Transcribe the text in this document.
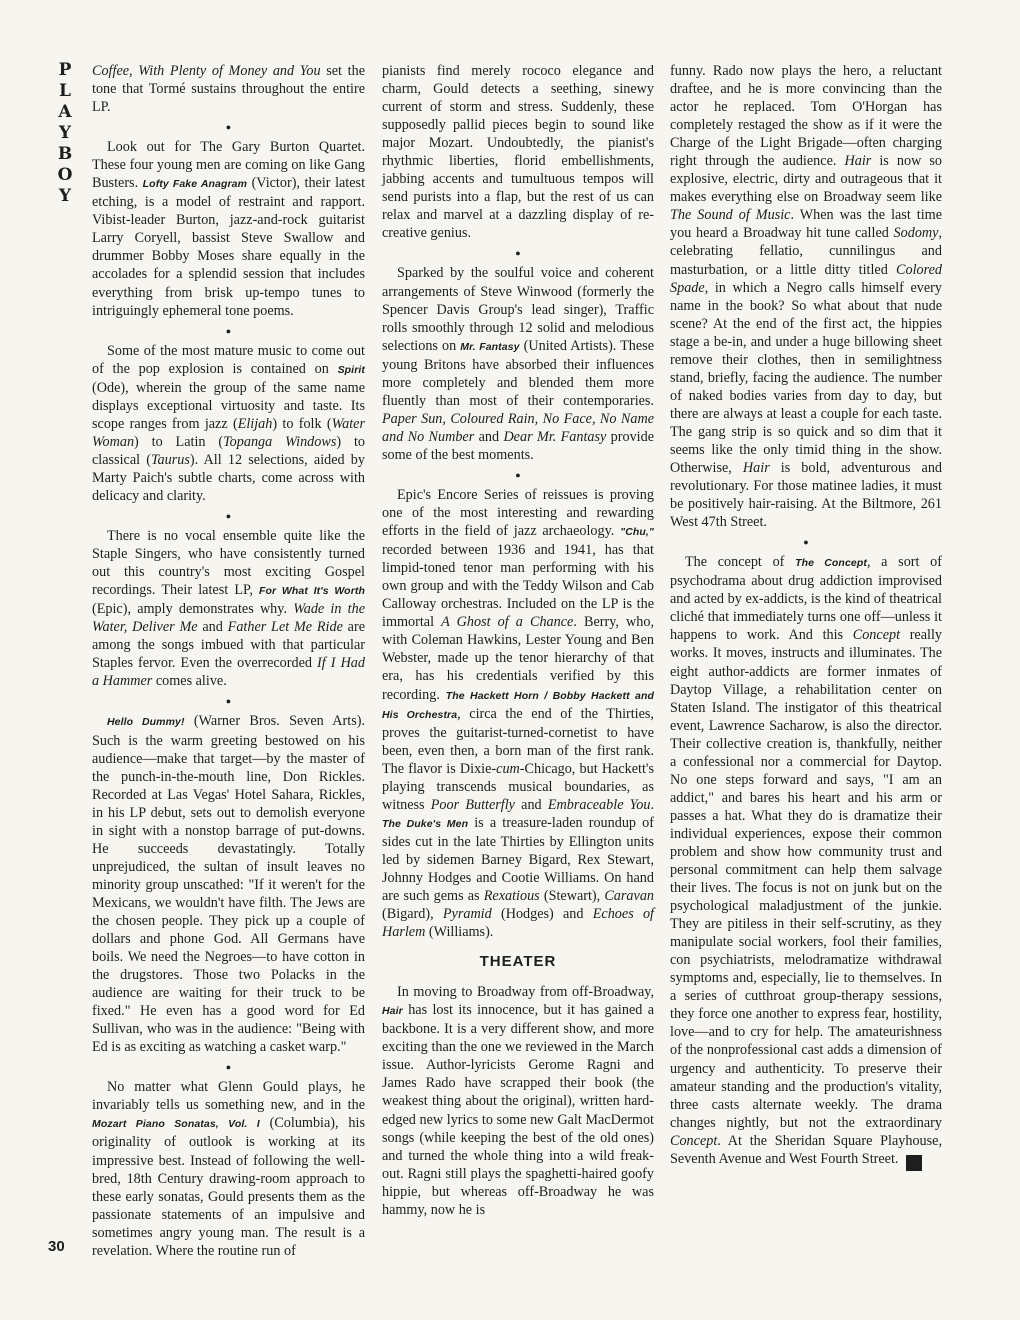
P
L
A
Y
B
O
Y
30

Coffee, With Plenty of Money and You set the tone that Tormé sustains throughout the entire LP.

●

Look out for The Gary Burton Quartet. These four young men are coming on like Gang Busters. Lofty Fake Anagram (Victor), their latest etching, is a model of restraint and rapport. Vibist-leader Burton, jazz-and-rock guitarist Larry Coryell, bassist Steve Swallow and drummer Bobby Moses share equally in the accolades for a splendid session that includes everything from brisk up-tempo tunes to intriguingly ephemeral tone poems.

●

Some of the most mature music to come out of the pop explosion is contained on Spirit (Ode), wherein the group of the same name displays exceptional virtuosity and taste. Its scope ranges from jazz (Elijah) to folk (Water Woman) to Latin (Topanga Windows) to classical (Taurus). All 12 selections, aided by Marty Paich's subtle charts, come across with delicacy and clarity.

●

There is no vocal ensemble quite like the Staple Singers, who have consistently turned out this country's most exciting Gospel recordings. Their latest LP, For What It's Worth (Epic), amply demonstrates why. Wade in the Water, Deliver Me and Father Let Me Ride are among the songs imbued with that particular Staples fervor. Even the overrecorded If I Had a Hammer comes alive.

●

Hello Dummy! (Warner Bros. Seven Arts). Such is the warm greeting bestowed on his audience—make that target—by the master of the punch-in-the-mouth line, Don Rickles. Recorded at Las Vegas' Hotel Sahara, Rickles, in his LP debut, sets out to demolish everyone in sight with a nonstop barrage of put-downs. He succeeds devastatingly. Totally unprejudiced, the sultan of insult leaves no minority group unscathed: "If it weren't for the Mexicans, we wouldn't have filth. The Jews are the chosen people. They pick up a couple of dollars and phone God. All Germans have boils. We need the Negroes—to have cotton in the drugstores. Those two Polacks in the audience are waiting for their truck to be fixed." He even has a good word for Ed Sullivan, who was in the audience: "Being with Ed is as exciting as watching a casket warp."

●

No matter what Glenn Gould plays, he invariably tells us something new, and in the Mozart Piano Sonatas, Vol. I (Columbia), his originality of outlook is working at its impressive best. Instead of following the well-bred, 18th Century drawing-room approach to these early sonatas, Gould presents them as the passionate statements of an impulsive and sometimes angry young man. The result is a revelation. Where the routine run of

pianists find merely rococo elegance and charm, Gould detects a seething, sinewy current of storm and stress. Suddenly, these supposedly pallid pieces begin to sound like major Mozart. Undoubtedly, the pianist's rhythmic liberties, florid embellishments, jabbing accents and tumultuous tempos will send purists into a flap, but the rest of us can relax and marvel at a dazzling display of re-creative genius.

●

Sparked by the soulful voice and coherent arrangements of Steve Winwood (formerly the Spencer Davis Group's lead singer), Traffic rolls smoothly through 12 solid and melodious selections on Mr. Fantasy (United Artists). These young Britons have absorbed their influences more completely and blended them more fluently than most of their contemporaries. Paper Sun, Coloured Rain, No Face, No Name and No Number and Dear Mr. Fantasy provide some of the best moments.

●

Epic's Encore Series of reissues is proving one of the most interesting and rewarding efforts in the field of jazz archaeology. "Chu," recorded between 1936 and 1941, has that limpid-toned tenor man performing with his own group and with the Teddy Wilson and Cab Calloway orchestras. Included on the LP is the immortal A Ghost of a Chance. Berry, who, with Coleman Hawkins, Lester Young and Ben Webster, made up the tenor hierarchy of that era, has his credentials verified by this recording. The Hackett Horn / Bobby Hackett and His Orchestra, circa the end of the Thirties, proves the guitarist-turned-cornetist to have been, even then, a born man of the first rank. The flavor is Dixie-cum-Chicago, but Hackett's playing transcends musical boundaries, as witness Poor Butterfly and Embraceable You. The Duke's Men is a treasure-laden roundup of sides cut in the late Thirties by Ellington units led by sidemen Barney Bigard, Rex Stewart, Johnny Hodges and Cootie Williams. On hand are such gems as Rexatious (Stewart), Caravan (Bigard), Pyramid (Hodges) and Echoes of Harlem (Williams).

THEATER

In moving to Broadway from off-Broadway, Hair has lost its innocence, but it has gained a backbone. It is a very different show, and more exciting than the one we reviewed in the March issue. Author-lyricists Gerome Ragni and James Rado have scrapped their book (the weakest thing about the original), written hard-edged new lyrics to some new Galt MacDermot songs (while keeping the best of the old ones) and turned the whole thing into a wild freak-out. Ragni still plays the spaghetti-haired goofy hippie, but whereas off-Broadway he was hammy, now he is

funny. Rado now plays the hero, a reluctant draftee, and he is more convincing than the actor he replaced. Tom O'Horgan has completely restaged the show as if it were the Charge of the Light Brigade—often charging right through the audience. Hair is now so explosive, electric, dirty and outrageous that it makes everything else on Broadway seem like The Sound of Music. When was the last time you heard a Broadway hit tune called Sodomy, celebrating fellatio, cunnilingus and masturbation, or a little ditty titled Colored Spade, in which a Negro calls himself every name in the book? So what about that nude scene? At the end of the first act, the hippies stage a be-in, and under a huge billowing sheet remove their clothes, then in semilightness stand, briefly, facing the audience. The number of naked bodies varies from day to day, but there are always at least a couple for each taste. The gang strip is so quick and so dim that it seems like the only timid thing in the show. Otherwise, Hair is bold, adventurous and revolutionary. For those matinee ladies, it must be positively hair-raising. At the Biltmore, 261 West 47th Street.

●

The concept of The Concept, a sort of psychodrama about drug addiction improvised and acted by ex-addicts, is the kind of theatrical cliché that immediately turns one off—unless it happens to work. And this Concept really works. It moves, instructs and illuminates. The eight author-addicts are former inmates of Daytop Village, a rehabilitation center on Staten Island. The instigator of this theatrical event, Lawrence Sacharow, is also the director. Their collective creation is, thankfully, neither a confessional nor a commercial for Daytop. No one steps forward and says, "I am an addict," and bares his heart and his arm or passes a hat. What they do is dramatize their individual experiences, expose their common problem and show how community trust and personal commitment can help them salvage their lives. The focus is not on junk but on the psychological maladjustment of the junkie. They are pitiless in their self-scrutiny, as they manipulate social workers, fool their families, con psychiatrists, melodramatize withdrawal symptoms and, especially, lie to themselves. In a series of cutthroat group-therapy sessions, they force one another to express fear, hostility, love—and to cry for help. The amateurishness of the nonprofessional cast adds a dimension of urgency and authenticity. To preserve their amateur standing and the production's vitality, three casts alternate weekly. The drama changes nightly, but not the extraordinary Concept. At the Sheridan Square Playhouse, Seventh Avenue and West Fourth Street. r
